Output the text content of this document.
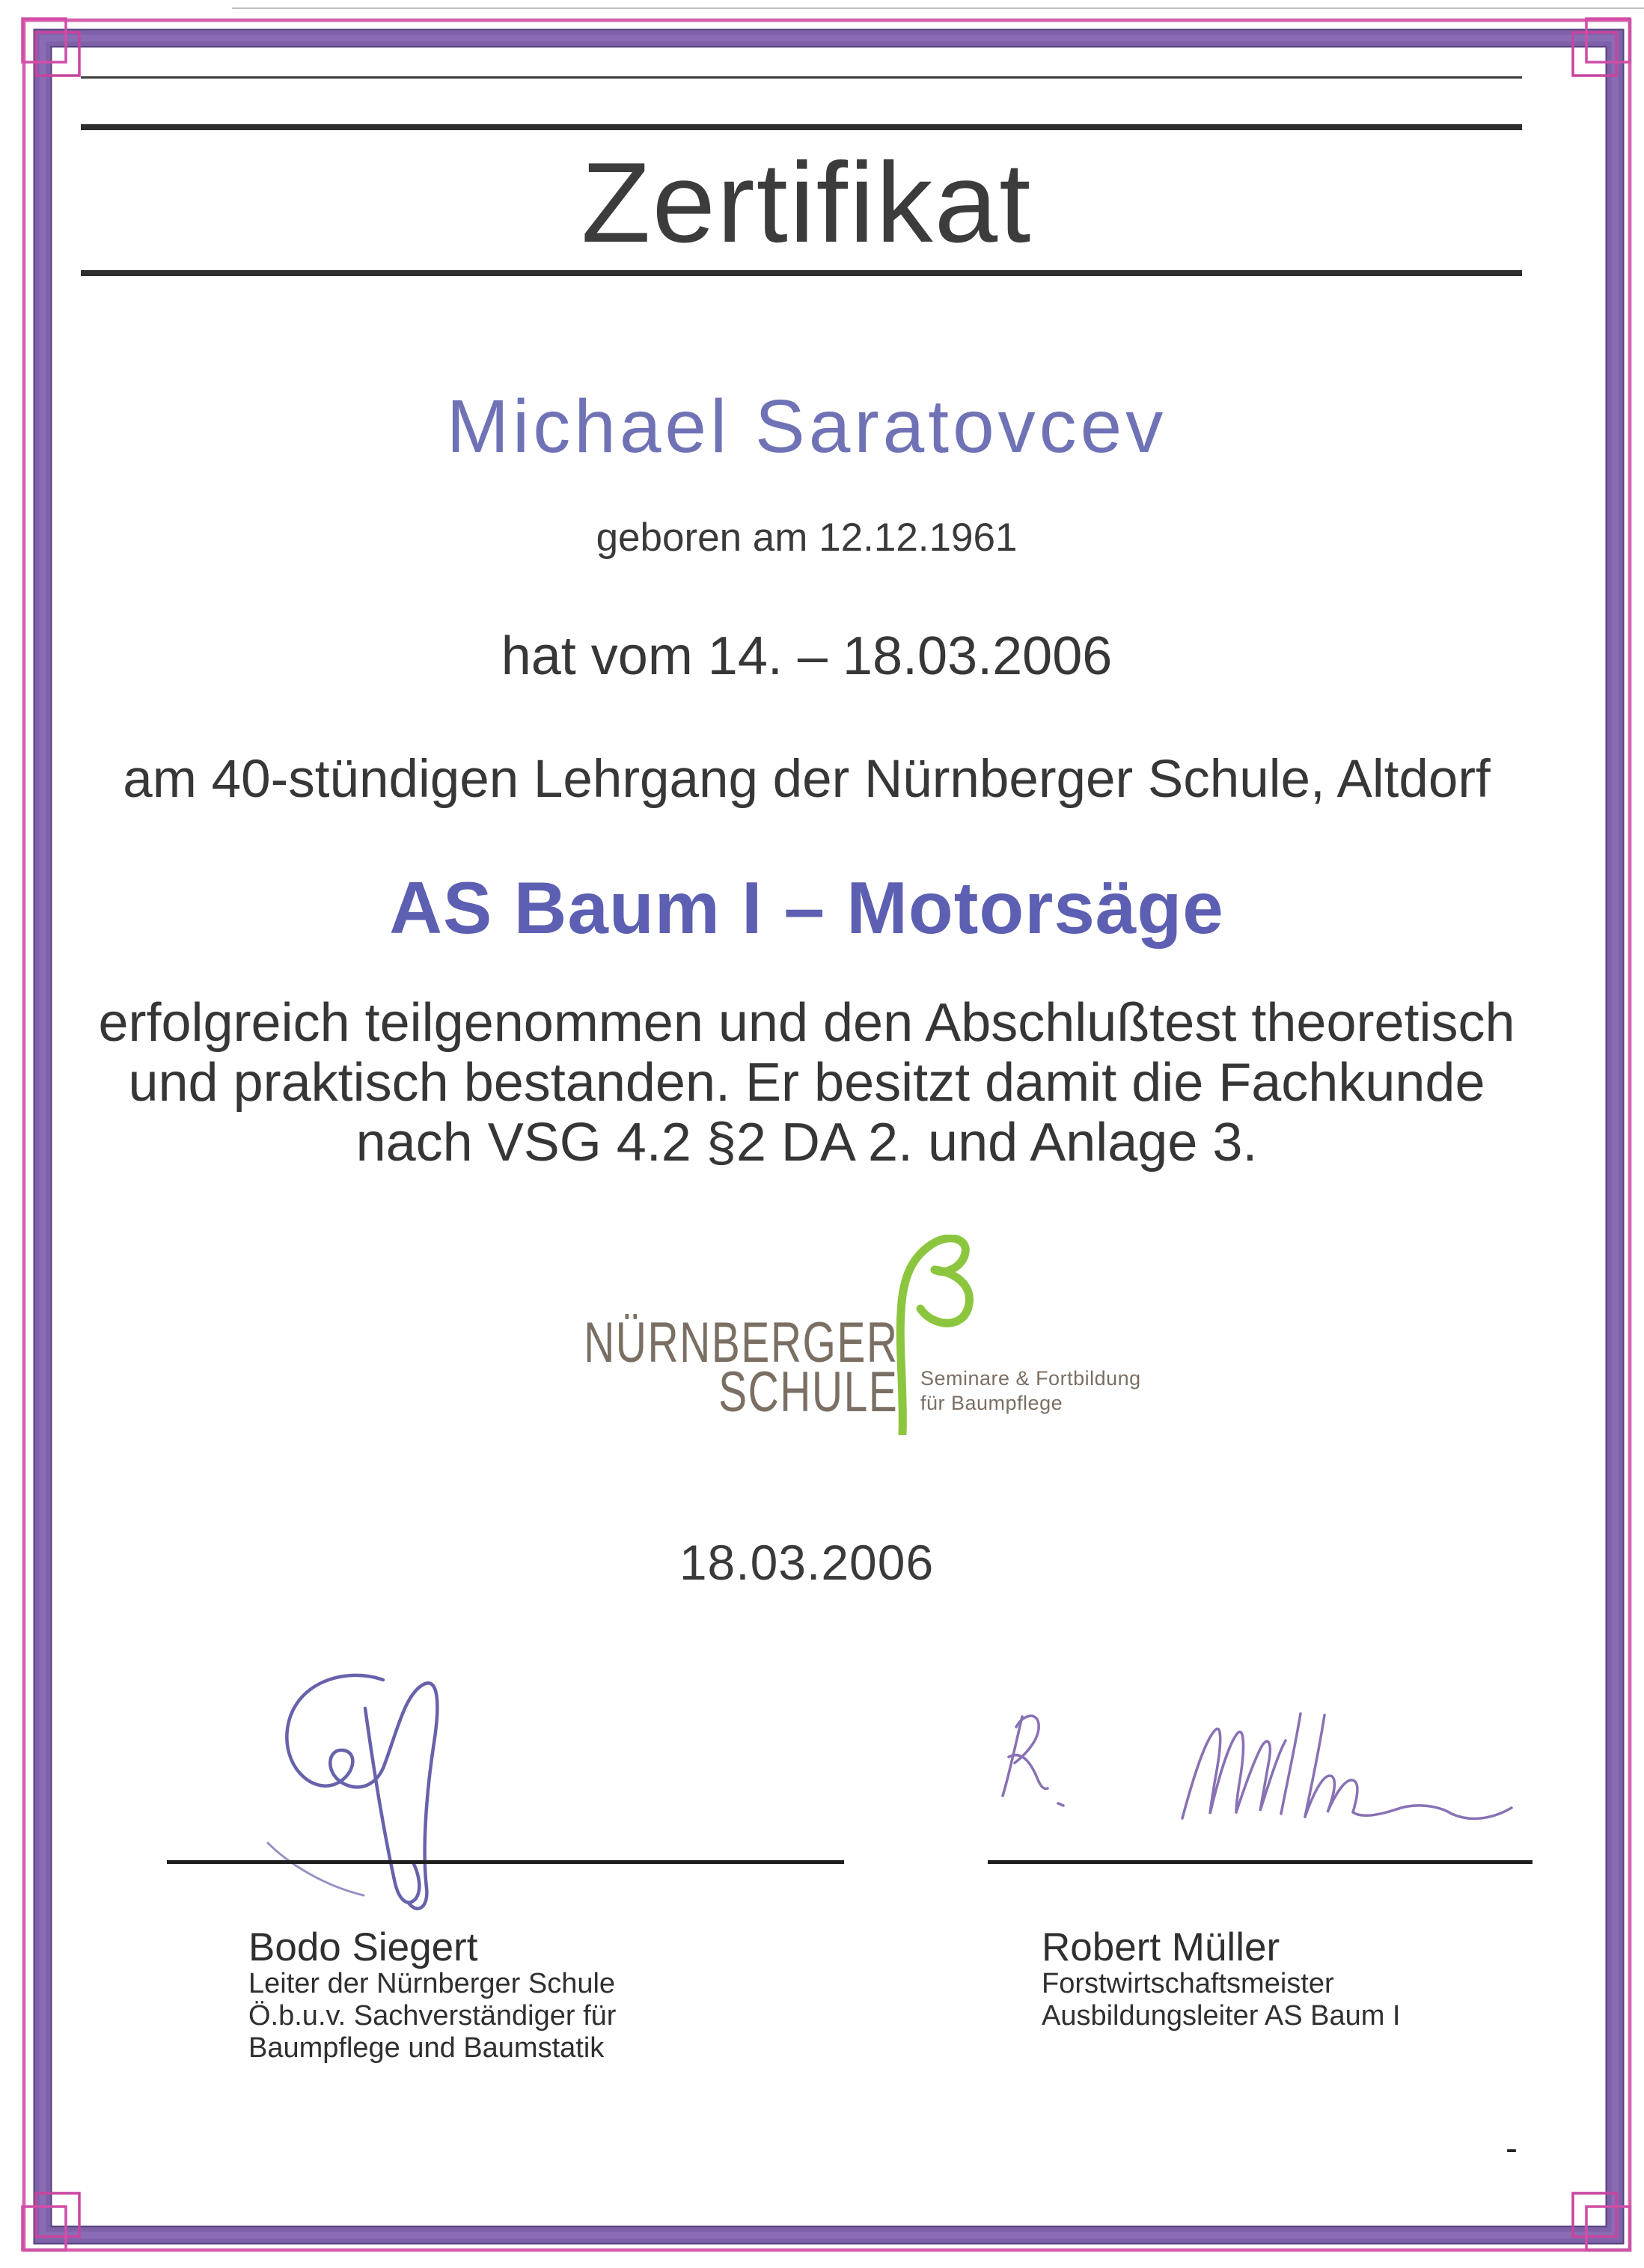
Zertifikat
Michael Saratovcev
geboren am 12.12.1961
hat vom 14. – 18.03.2006
am 40-stündigen Lehrgang der Nürnberger Schule, Altdorf
AS Baum I – Motorsäge
erfolgreich teilgenommen und den Abschlußtest theoretisch
und praktisch bestanden. Er besitzt damit die Fachkunde
nach VSG 4.2 §2 DA 2. und Anlage 3.
NÜRNBERGER
SCHULE Seminare & Fortbildung
für Baumpflege
18.03.2006
Bodo Siegert
Leiter der Nürnberger Schule
Ö.b.u.v. Sachverständiger für
Baumpflege und Baumstatik
Robert Müller
Forstwirtschaftsmeister
Ausbildungsleiter AS Baum I
-
